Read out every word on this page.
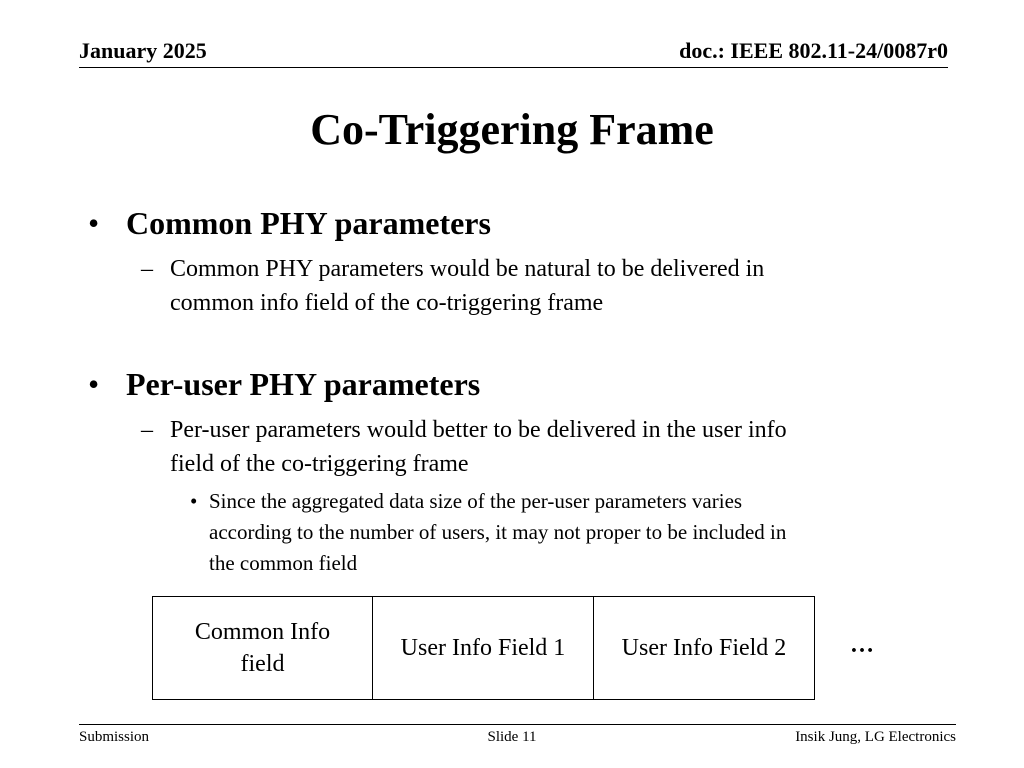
January 2025	doc.: IEEE 802.11-24/0087r0
Co-Triggering Frame
• Common PHY parameters
– Common PHY parameters would be natural to be delivered in
common info field of the co-triggering frame
• Per-user PHY parameters
– Per-user parameters would better to be delivered in the user info
field of the co-triggering frame
• Since the aggregated data size of the per-user parameters varies
according to the number of users, it may not proper to be included in
the common field
Common Info field
User Info Field 1	User Info Field 2	…
Submission	Slide 11	Insik Jung, LG Electronics
